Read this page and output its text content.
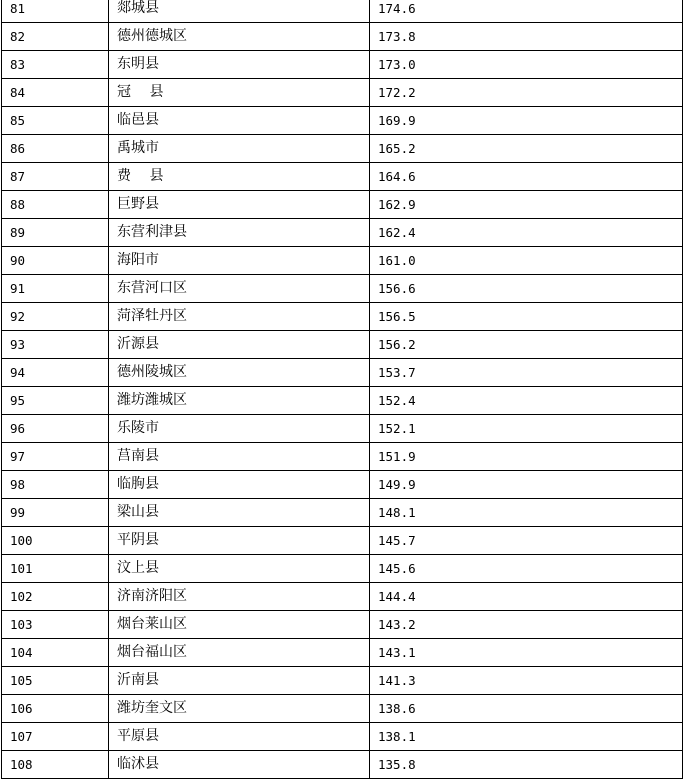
81	郯城县	174.6
82	德州德城区	173.8
83	东明县	173.0
84	冠　 县	172.2
85	临邑县	169.9
86	禹城市	165.2
87	费　 县	164.6
88	巨野县	162.9
89	东营利津县	162.4
90	海阳市	161.0
91	东营河口区	156.6
92	菏泽牡丹区	156.5
93	沂源县	156.2
94	德州陵城区	153.7
95	潍坊潍城区	152.4
96	乐陵市	152.1
97	莒南县	151.9
98	临朐县	149.9
99	梁山县	148.1
100	平阴县	145.7
101	汶上县	145.6
102	济南济阳区	144.4
103	烟台莱山区	143.2
104	烟台福山区	143.1
105	沂南县	141.3
106	潍坊奎文区	138.6
107	平原县	138.1
108	临沭县	135.8
